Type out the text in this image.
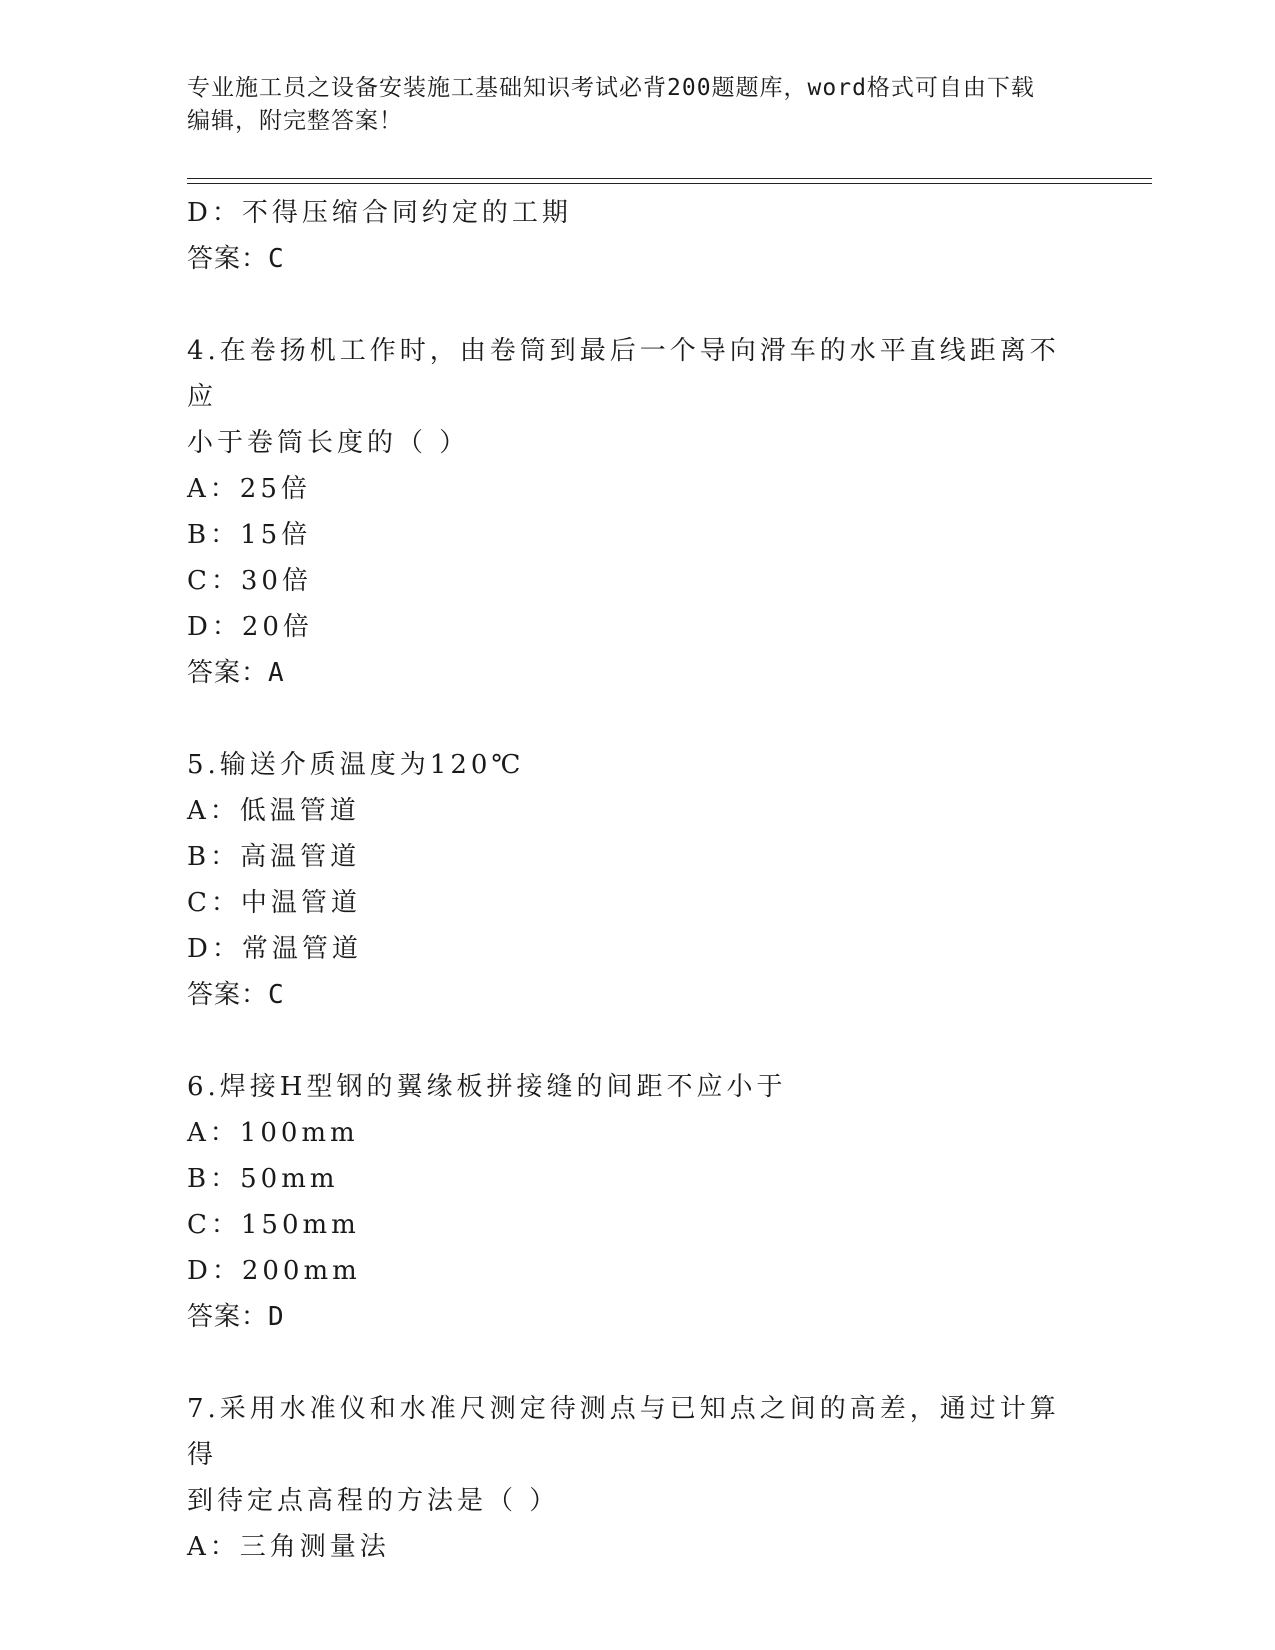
专业施工员之设备安装施工基础知识考试必背200题题库，word格式可自由下载
编辑，附完整答案！
D：不得压缩合同约定的工期
答案：C
4.在卷扬机工作时，由卷筒到最后一个导向滑车的水平直线距离不应
小于卷筒长度的（ ）
A：25倍
B：15倍
C：30倍
D：20倍
答案：A
5.输送介质温度为120℃
A：低温管道
B：高温管道
C：中温管道
D：常温管道
答案：C
6.焊接H型钢的翼缘板拼接缝的间距不应小于
A：100mm
B：50mm
C：150mm
D：200mm
答案：D
7.采用水准仪和水准尺测定待测点与已知点之间的高差，通过计算得
到待定点高程的方法是（ ）
A：三角测量法
